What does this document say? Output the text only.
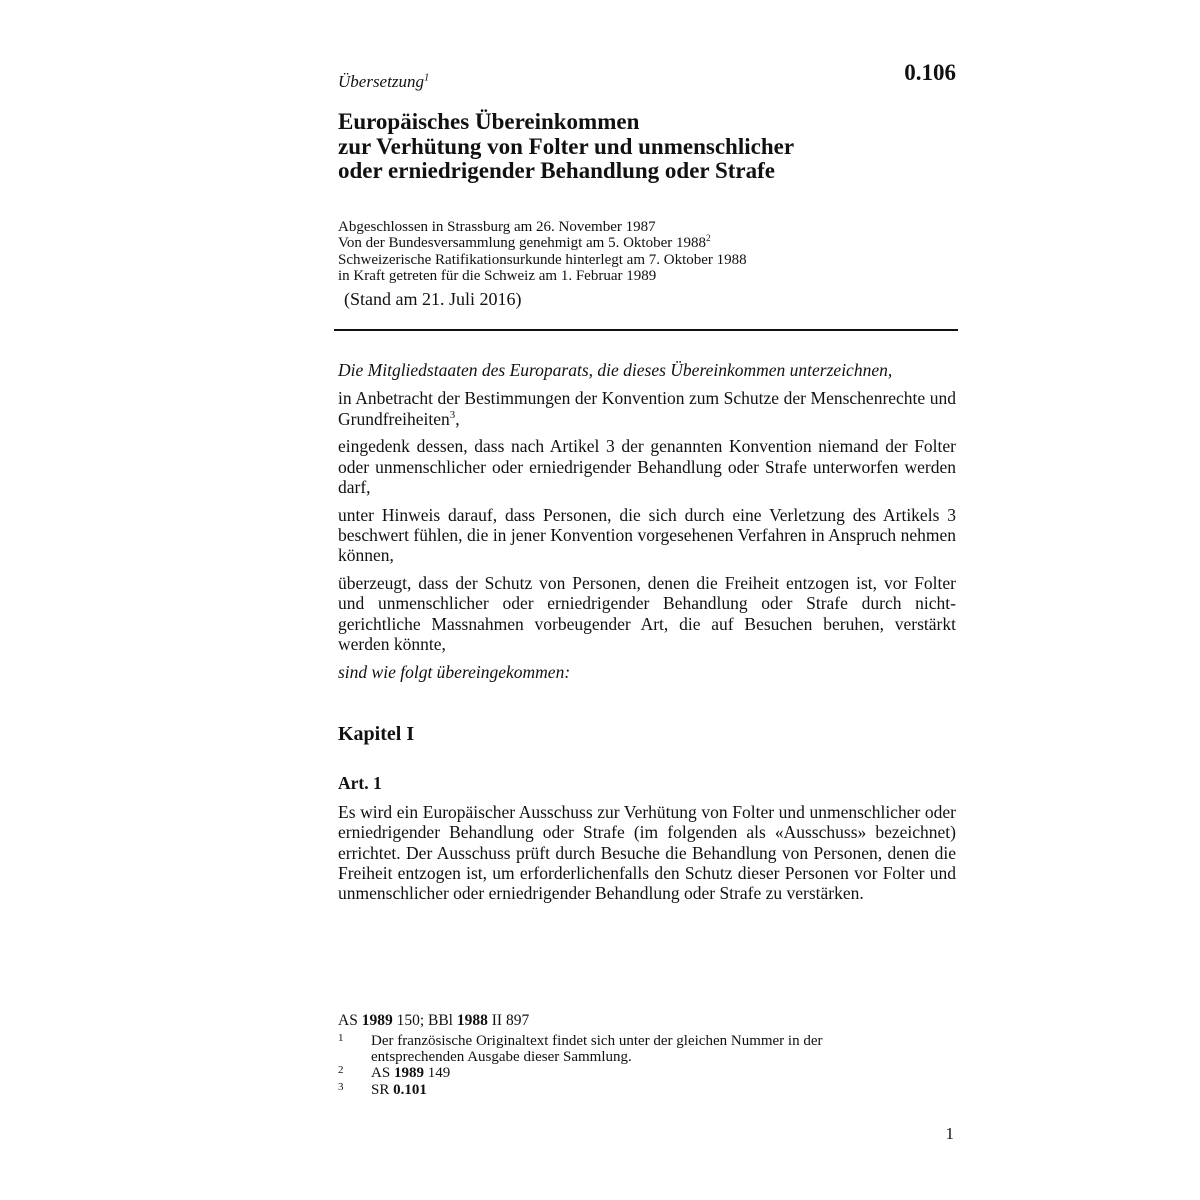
Übersetzung$^1$	0.106
Europäisches Übereinkommen
zur Verhütung von Folter und unmenschlicher
oder erniedrigender Behandlung oder Strafe
Abgeschlossen in Strassburg am 26. November 1987
Von der Bundesversammlung genehmigt am 5. Oktober 1988$^2$
Schweizerische Ratifikationsurkunde hinterlegt am 7. Oktober 1988
in Kraft getreten für die Schweiz am 1. Februar 1989
(Stand am 21. Juli 2016)

Die Mitgliedstaaten des Europarats, die dieses Übereinkommen unterzeichnen,

in Anbetracht der Bestimmungen der Konvention zum Schutze der Menschenrechte und Grundfreiheiten$^3$,

eingedenk dessen, dass nach Artikel 3 der genannten Konvention niemand der Folter oder unmenschlicher oder erniedrigender Behandlung oder Strafe unterworfen werden darf,

unter Hinweis darauf, dass Personen, die sich durch eine Verletzung des Artikels 3 beschwert fühlen, die in jener Konvention vorgesehenen Verfahren in Anspruch nehmen können,

überzeugt, dass der Schutz von Personen, denen die Freiheit entzogen ist, vor Folter und unmenschlicher oder erniedrigender Behandlung oder Strafe durch nicht-gerichtliche Massnahmen vorbeugender Art, die auf Besuchen beruhen, verstärkt werden könnte,

sind wie folgt übereingekommen:

Kapitel I
Art. 1
Es wird ein Europäischer Ausschuss zur Verhütung von Folter und unmenschlicher oder erniedrigender Behandlung oder Strafe (im folgenden als «Ausschuss» bezeichnet) errichtet. Der Ausschuss prüft durch Besuche die Behandlung von Personen, denen die Freiheit entzogen ist, um erforderlichenfalls den Schutz dieser Personen vor Folter und unmenschlicher oder erniedrigender Behandlung oder Strafe zu verstärken.
AS 1989 150; BBl 1988 II 897
1 Der französische Originaltext findet sich unter der gleichen Nummer in der entsprechenden Ausgabe dieser Sammlung.
2 AS 1989 149
3 SR 0.101
1
